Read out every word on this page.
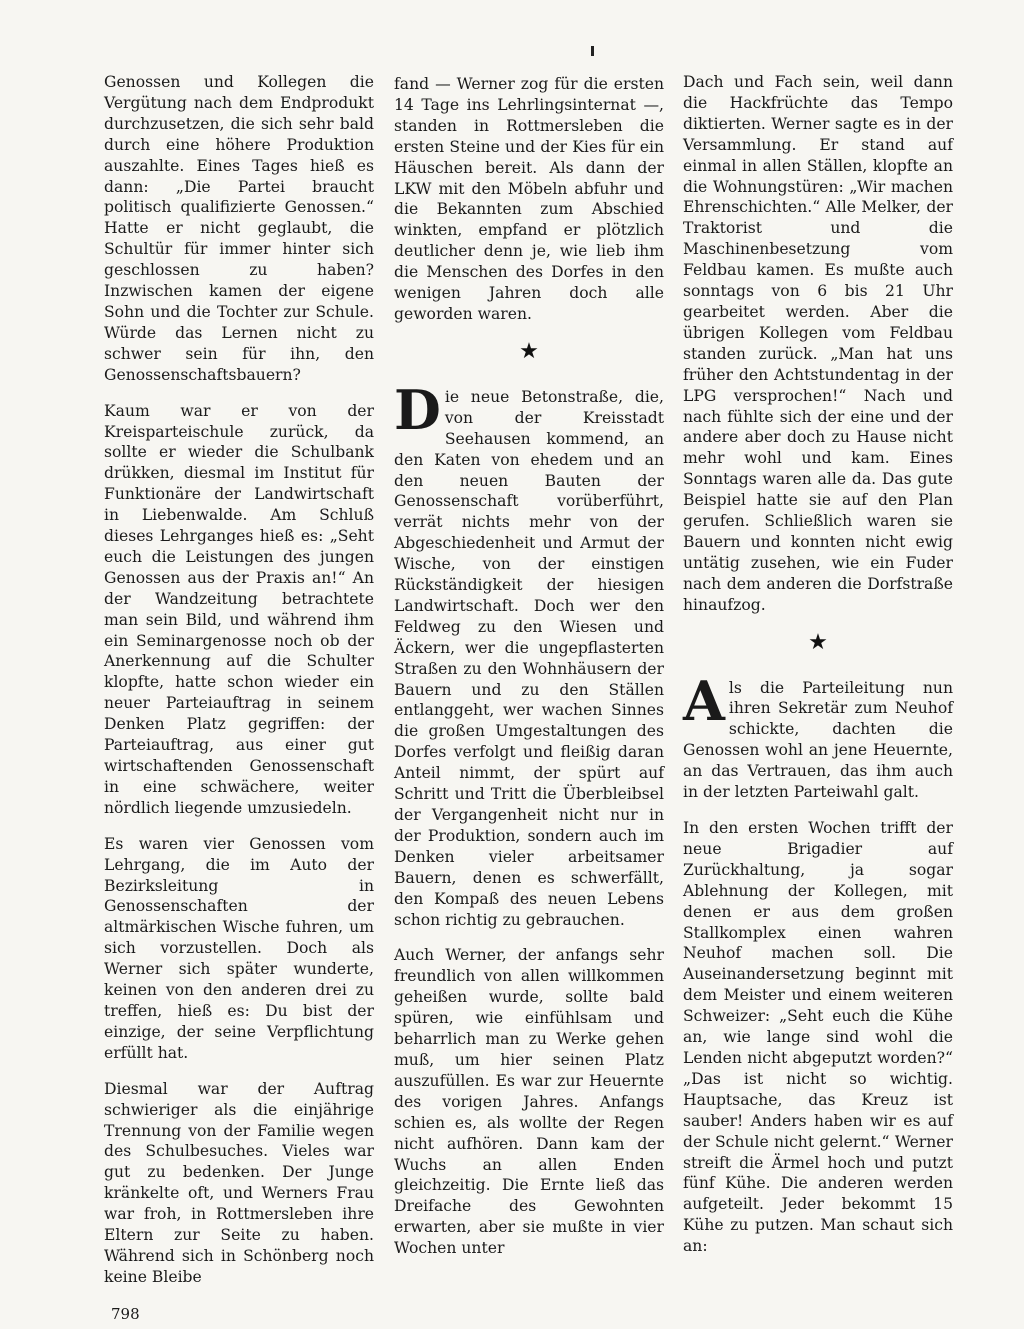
Genossen und Kollegen die Vergütung nach dem Endprodukt durchzusetzen, die sich sehr bald durch eine höhere Produktion auszahlte. Eines Tages hieß es dann: „Die Partei braucht politisch qualifizierte Genossen.“ Hatte er nicht geglaubt, die Schultür für immer hinter sich geschlossen zu haben? Inzwischen kamen der eigene Sohn und die Tochter zur Schule. Würde das Lernen nicht zu schwer sein für ihn, den Genossenschaftsbauern?

Kaum war er von der Kreisparteischule zurück, da sollte er wieder die Schulbank drükken, diesmal im Institut für Funktionäre der Landwirtschaft in Liebenwalde. Am Schluß dieses Lehrganges hieß es: „Seht euch die Leistungen des jungen Genossen aus der Praxis an!“ An der Wandzeitung betrachtete man sein Bild, und während ihm ein Seminargenosse noch ob der Anerkennung auf die Schulter klopfte, hatte schon wieder ein neuer Parteiauftrag in seinem Denken Platz gegriffen: der Parteiauftrag, aus einer gut wirtschaftenden Genossenschaft in eine schwächere, weiter nördlich liegende umzusiedeln.

Es waren vier Genossen vom Lehrgang, die im Auto der Bezirksleitung in Genossenschaften der altmärkischen Wische fuhren, um sich vorzustellen. Doch als Werner sich später wunderte, keinen von den anderen drei zu treffen, hieß es: Du bist der einzige, der seine Verpflichtung erfüllt hat.

Diesmal war der Auftrag schwieriger als die einjährige Trennung von der Familie wegen des Schulbesuches. Vieles war gut zu bedenken. Der Junge kränkelte oft, und Werners Frau war froh, in Rottmersleben ihre Eltern zur Seite zu haben. Während sich in Schönberg noch keine Bleibe

fand — Werner zog für die ersten 14 Tage ins Lehrlingsinternat —, standen in Rottmersleben die ersten Steine und der Kies für ein Häuschen bereit. Als dann der LKW mit den Möbeln abfuhr und die Bekannten zum Abschied winkten, empfand er plötzlich deutlicher denn je, wie lieb ihm die Menschen des Dorfes in den wenigen Jahren doch alle geworden waren.

★

Die neue Betonstraße, die, von der Kreisstadt Seehausen kommend, an den Katen von ehedem und an den neuen Bauten der Genossenschaft vorüberführt, verrät nichts mehr von der Abgeschiedenheit und Armut der Wische, von der einstigen Rückständigkeit der hiesigen Landwirtschaft. Doch wer den Feldweg zu den Wiesen und Äckern, wer die ungepflasterten Straßen zu den Wohnhäusern der Bauern und zu den Ställen entlanggeht, wer wachen Sinnes die großen Umgestaltungen des Dorfes verfolgt und fleißig daran Anteil nimmt, der spürt auf Schritt und Tritt die Überbleibsel der Vergangenheit nicht nur in der Produktion, sondern auch im Denken vieler arbeitsamer Bauern, denen es schwerfällt, den Kompaß des neuen Lebens schon richtig zu gebrauchen.

Auch Werner, der anfangs sehr freundlich von allen willkommen geheißen wurde, sollte bald spüren, wie einfühlsam und beharrlich man zu Werke gehen muß, um hier seinen Platz auszufüllen. Es war zur Heuernte des vorigen Jahres. Anfangs schien es, als wollte der Regen nicht aufhören. Dann kam der Wuchs an allen Enden gleichzeitig. Die Ernte ließ das Dreifache des Gewohnten erwarten, aber sie mußte in vier Wochen unter

Dach und Fach sein, weil dann die Hackfrüchte das Tempo diktierten. Werner sagte es in der Versammlung. Er stand auf einmal in allen Ställen, klopfte an die Wohnungstüren: „Wir machen Ehrenschichten.“ Alle Melker, der Traktorist und die Maschinenbesetzung vom Feldbau kamen. Es mußte auch sonntags von 6 bis 21 Uhr gearbeitet werden. Aber die übrigen Kollegen vom Feldbau standen zurück. „Man hat uns früher den Achtstundentag in der LPG versprochen!“ Nach und nach fühlte sich der eine und der andere aber doch zu Hause nicht mehr wohl und kam. Eines Sonntags waren alle da. Das gute Beispiel hatte sie auf den Plan gerufen. Schließlich waren sie Bauern und konnten nicht ewig untätig zusehen, wie ein Fuder nach dem anderen die Dorfstraße hinaufzog.

★

Als die Parteileitung nun ihren Sekretär zum Neuhof schickte, dachten die Genossen wohl an jene Heuernte, an das Vertrauen, das ihm auch in der letzten Parteiwahl galt.

In den ersten Wochen trifft der neue Brigadier auf Zurückhaltung, ja sogar Ablehnung der Kollegen, mit denen er aus dem großen Stallkomplex einen wahren Neuhof machen soll. Die Auseinandersetzung beginnt mit dem Meister und einem weiteren Schweizer: „Seht euch die Kühe an, wie lange sind wohl die Lenden nicht abgeputzt worden?“ „Das ist nicht so wichtig. Hauptsache, das Kreuz ist sauber! Anders haben wir es auf der Schule nicht gelernt.“ Werner streift die Ärmel hoch und putzt fünf Kühe. Die anderen werden aufgeteilt. Jeder bekommt 15 Kühe zu putzen. Man schaut sich an:

798
